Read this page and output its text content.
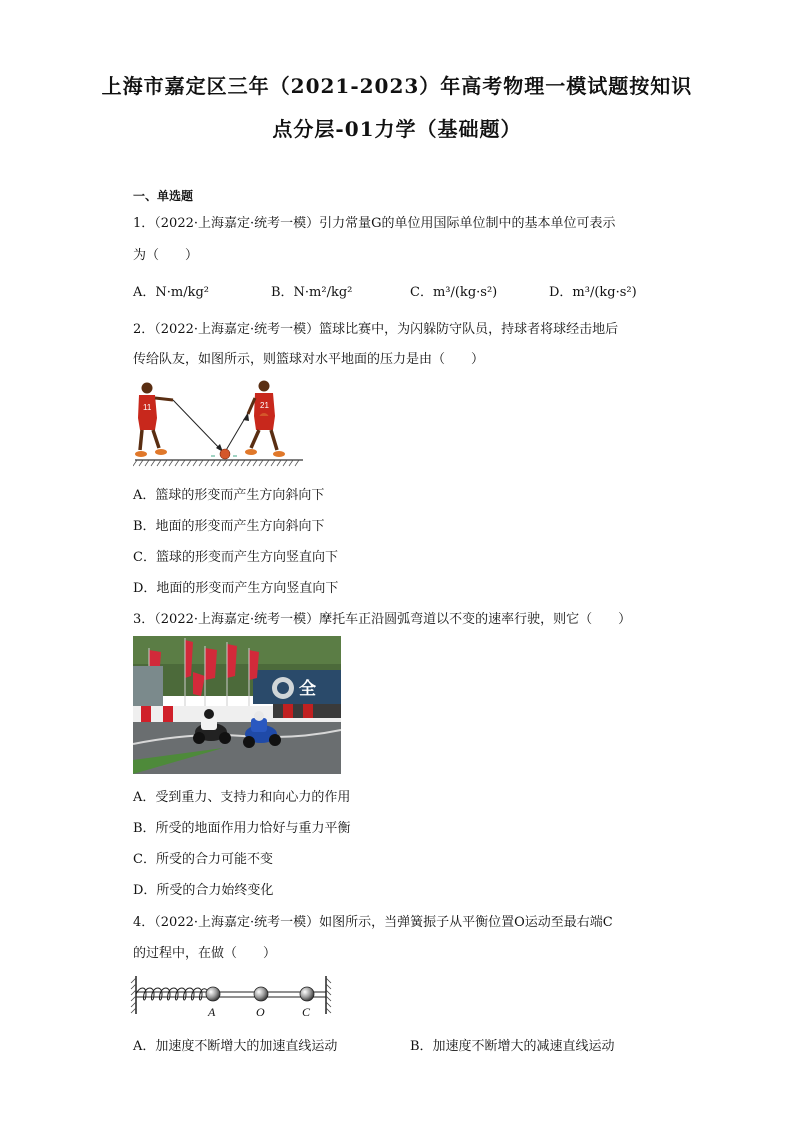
上海市嘉定区三年（2021-2023）年高考物理一模试题按知识
点分层-01力学（基础题）
一、单选题
1．（2022·上海嘉定·统考一模）引力常量G的单位用国际单位制中的基本单位可表示
为（　　）
A．N·m/kg²	B．N·m²/kg²	C．m³/(kg·s²)	D．m³/(kg·s²)
2．（2022·上海嘉定·统考一模）篮球比赛中，为闪躲防守队员，持球者将球经击地后
传给队友，如图所示，则篮球对水平地面的压力是由（　　）
11	21
A．篮球的形变而产生方向斜向下
B．地面的形变而产生方向斜向下
C．篮球的形变而产生方向竖直向下
D．地面的形变而产生方向竖直向下
3．（2022·上海嘉定·统考一模）摩托车正沿圆弧弯道以不变的速率行驶，则它（　　）
全
A．受到重力、支持力和向心力的作用
B．所受的地面作用力恰好与重力平衡
C．所受的合力可能不变
D．所受的合力始终变化
4．（2022·上海嘉定·统考一模）如图所示，当弹簧振子从平衡位置O运动至最右端C
的过程中，在做（　　）
A	O	C
A．加速度不断增大的加速直线运动	B．加速度不断增大的减速直线运动
